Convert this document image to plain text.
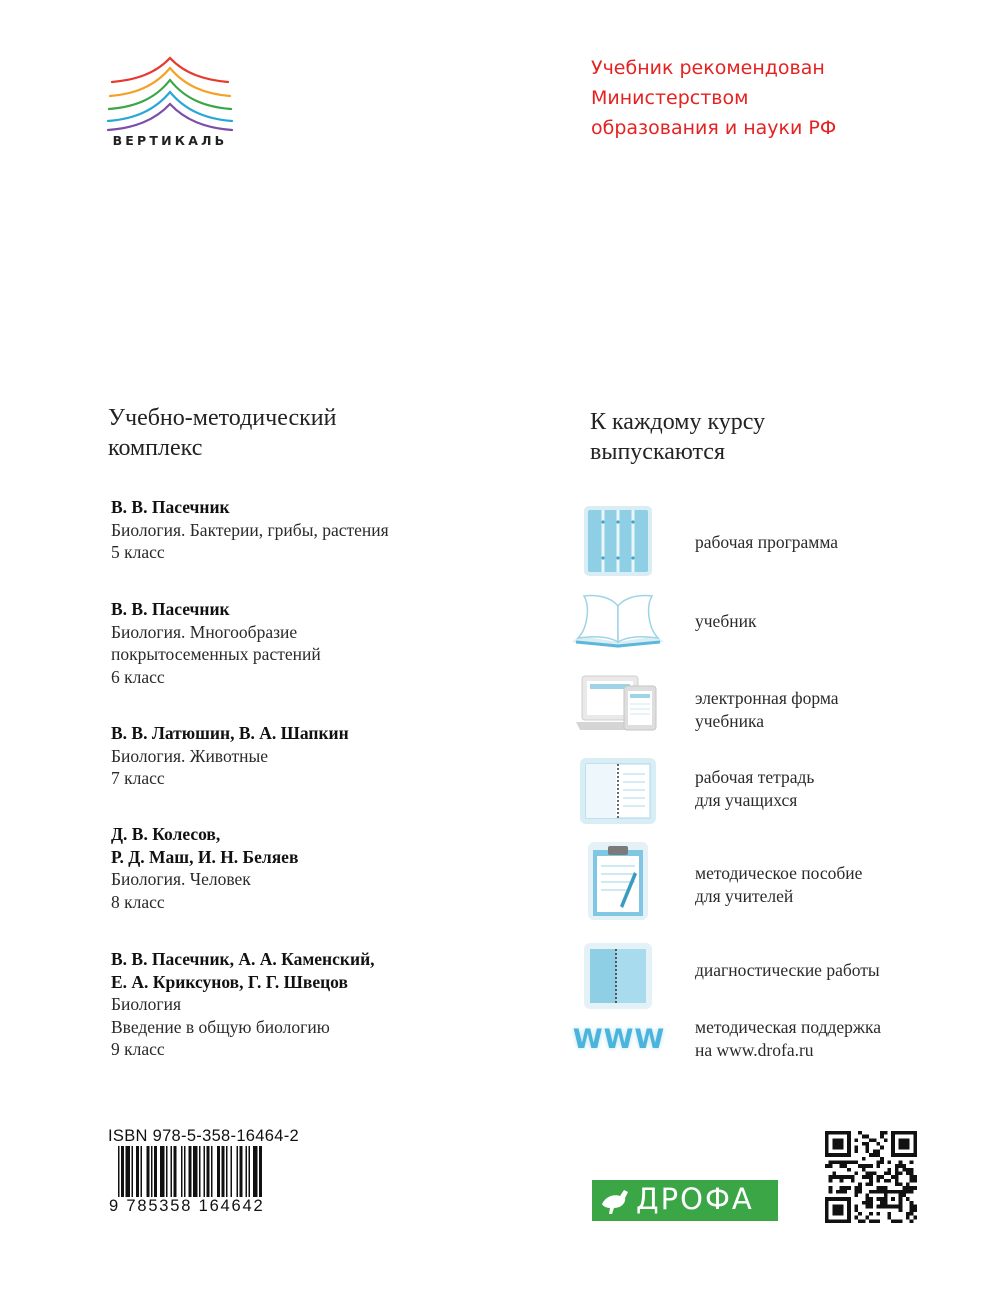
ВЕРТИКАЛЬ
Учебник рекомендован
Министерством
образования и науки РФ
Учебно-методический
комплекс
В. В. Пасечник
Биология. Бактерии, грибы, растения
5 класс
В. В. Пасечник
Биология. Многообразие
покрытосеменных растений
6 класс
В. В. Латюшин, В. А. Шапкин
Биология. Животные
7 класс
Д. В. Колесов,
Р. Д. Маш, И. Н. Беляев
Биология. Человек
8 класс
В. В. Пасечник, А. А. Каменский,
Е. А. Криксунов, Г. Г. Швецов
Биология
Введение в общую биологию
9 класс
К каждому курсу
выпускаются
рабочая программа
учебник
электронная форма
учебника
рабочая тетрадь
для учащихся
методическое пособие
для учителей
диагностические работы
WWW методическая поддержка
на www.drofa.ru
ISBN 978-5-358-16464-2
9 785358 164642	ДРОФА
